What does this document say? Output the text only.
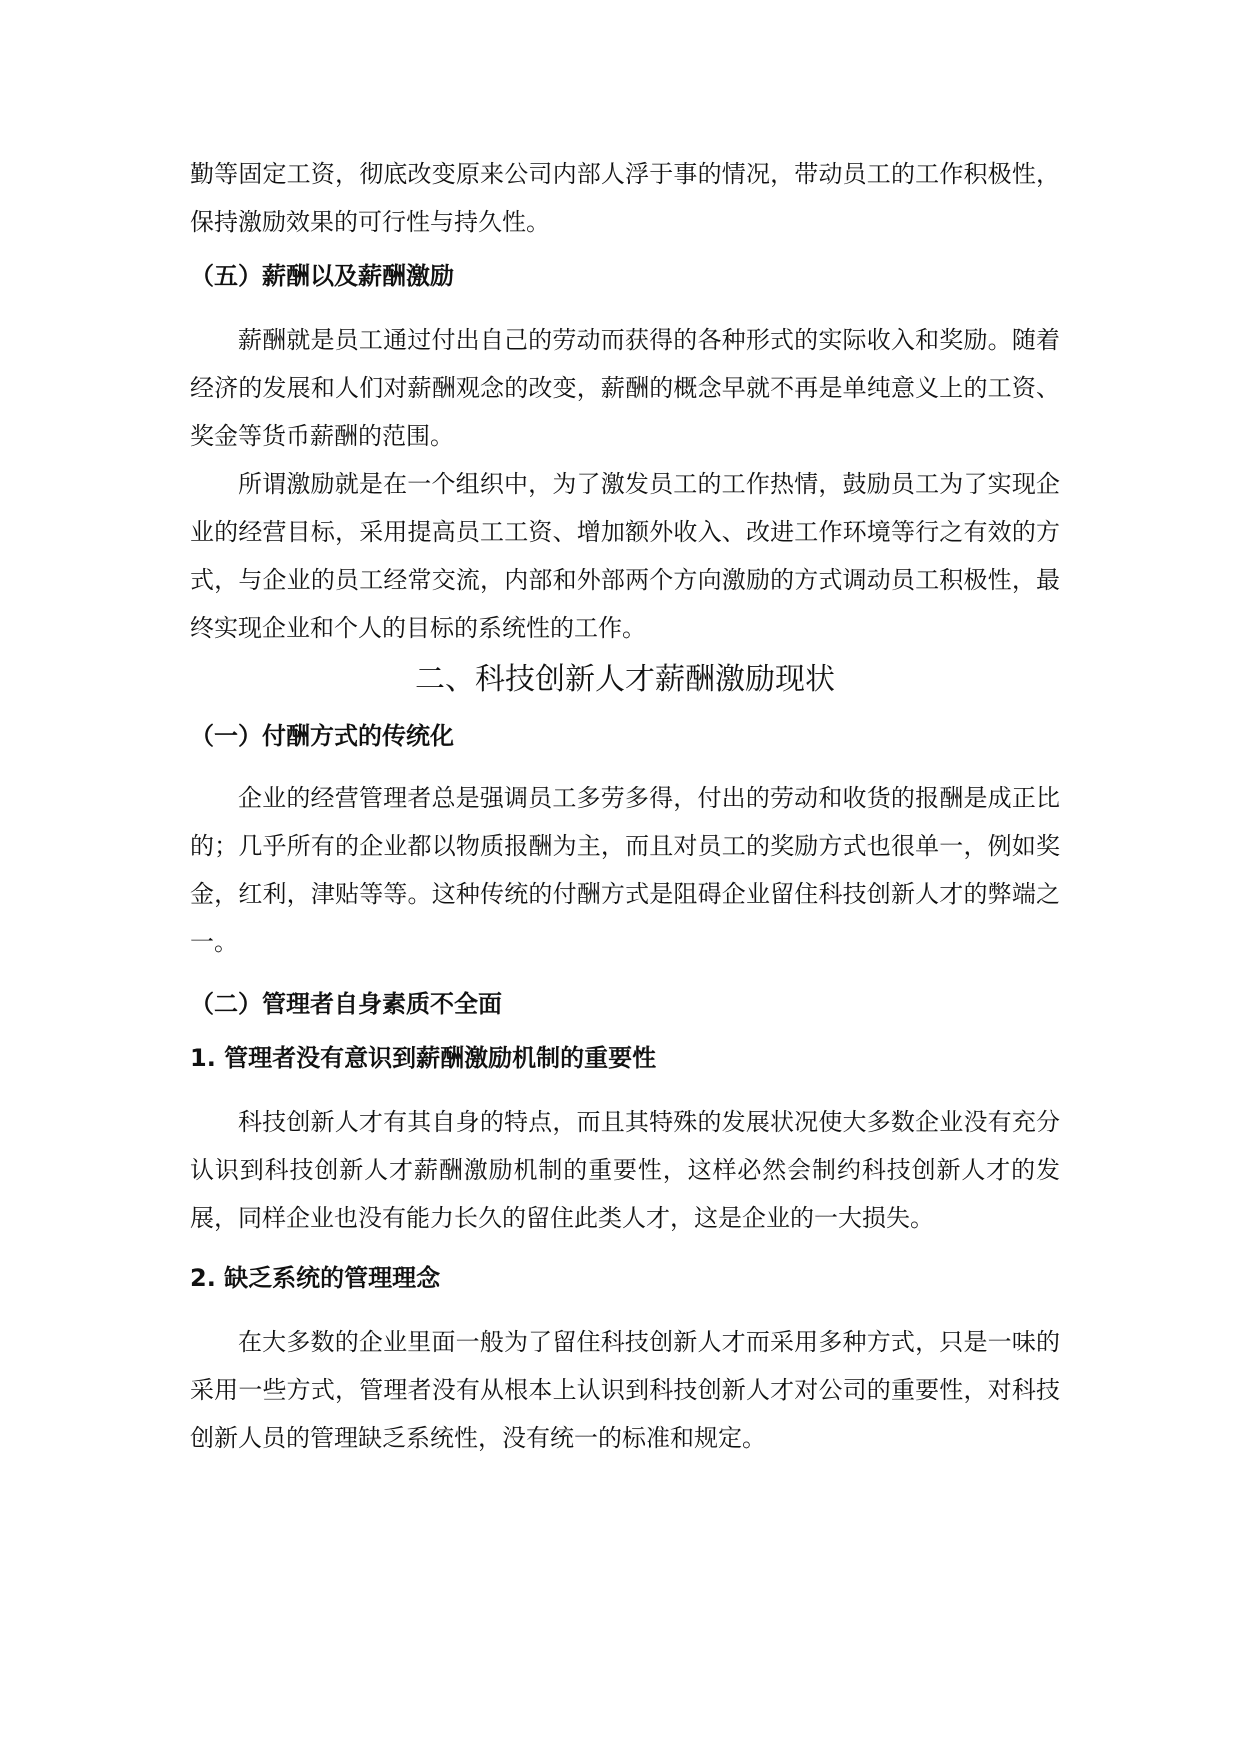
勤等固定工资，彻底改变原来公司内部人浮于事的情况，带动员工的工作积极性，保持激励效果的可行性与持久性。

（五）薪酬以及薪酬激励

薪酬就是员工通过付出自己的劳动而获得的各种形式的实际收入和奖励。随着经济的发展和人们对薪酬观念的改变，薪酬的概念早就不再是单纯意义上的工资、奖金等货币薪酬的范围。

所谓激励就是在一个组织中，为了激发员工的工作热情，鼓励员工为了实现企业的经营目标，采用提高员工工资、增加额外收入、改进工作环境等行之有效的方式，与企业的员工经常交流，内部和外部两个方向激励的方式调动员工积极性，最终实现企业和个人的目标的系统性的工作。

二、科技创新人才薪酬激励现状
（一）付酬方式的传统化

企业的经营管理者总是强调员工多劳多得，付出的劳动和收货的报酬是成正比的；几乎所有的企业都以物质报酬为主，而且对员工的奖励方式也很单一，例如奖金，红利，津贴等等。这种传统的付酬方式是阻碍企业留住科技创新人才的弊端之一。

（二）管理者自身素质不全面
1. 管理者没有意识到薪酬激励机制的重要性

科技创新人才有其自身的特点，而且其特殊的发展状况使大多数企业没有充分认识到科技创新人才薪酬激励机制的重要性，这样必然会制约科技创新人才的发展，同样企业也没有能力长久的留住此类人才，这是企业的一大损失。

2. 缺乏系统的管理理念

在大多数的企业里面一般为了留住科技创新人才而采用多种方式，只是一味的采用一些方式，管理者没有从根本上认识到科技创新人才对公司的重要性，对科技创新人员的管理缺乏系统性，没有统一的标准和规定。
